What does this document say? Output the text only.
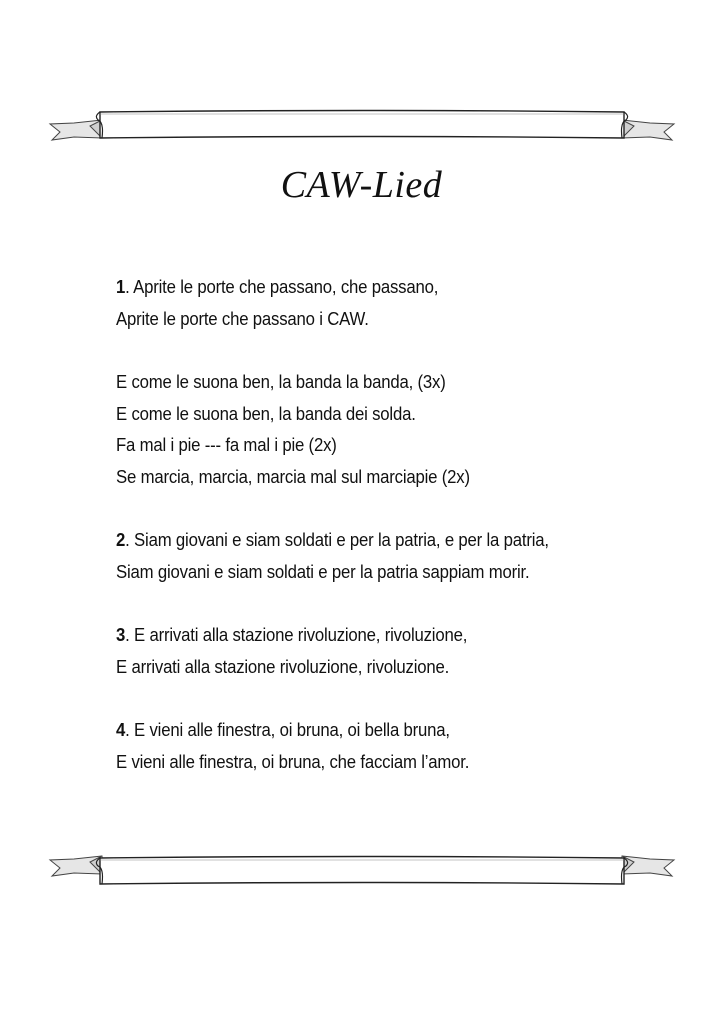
CAW-Lied
1. Aprite le porte che passano, che passano,
Aprite le porte che passano i CAW.
E come le suona ben, la banda la banda, (3x)
E come le suona ben, la banda dei solda.
Fa mal i pie --- fa mal i pie (2x)
Se marcia, marcia, marcia mal sul marciapie (2x)
2. Siam giovani e siam soldati e per la patria, e per la patria,
Siam giovani e siam soldati e per la patria sappiam morir.
3. E arrivati alla stazione rivoluzione, rivoluzione,
E arrivati alla stazione rivoluzione, rivoluzione.
4. E vieni alle finestra, oi bruna, oi bella bruna,
E vieni alle finestra, oi bruna, che facciam l’amor.
